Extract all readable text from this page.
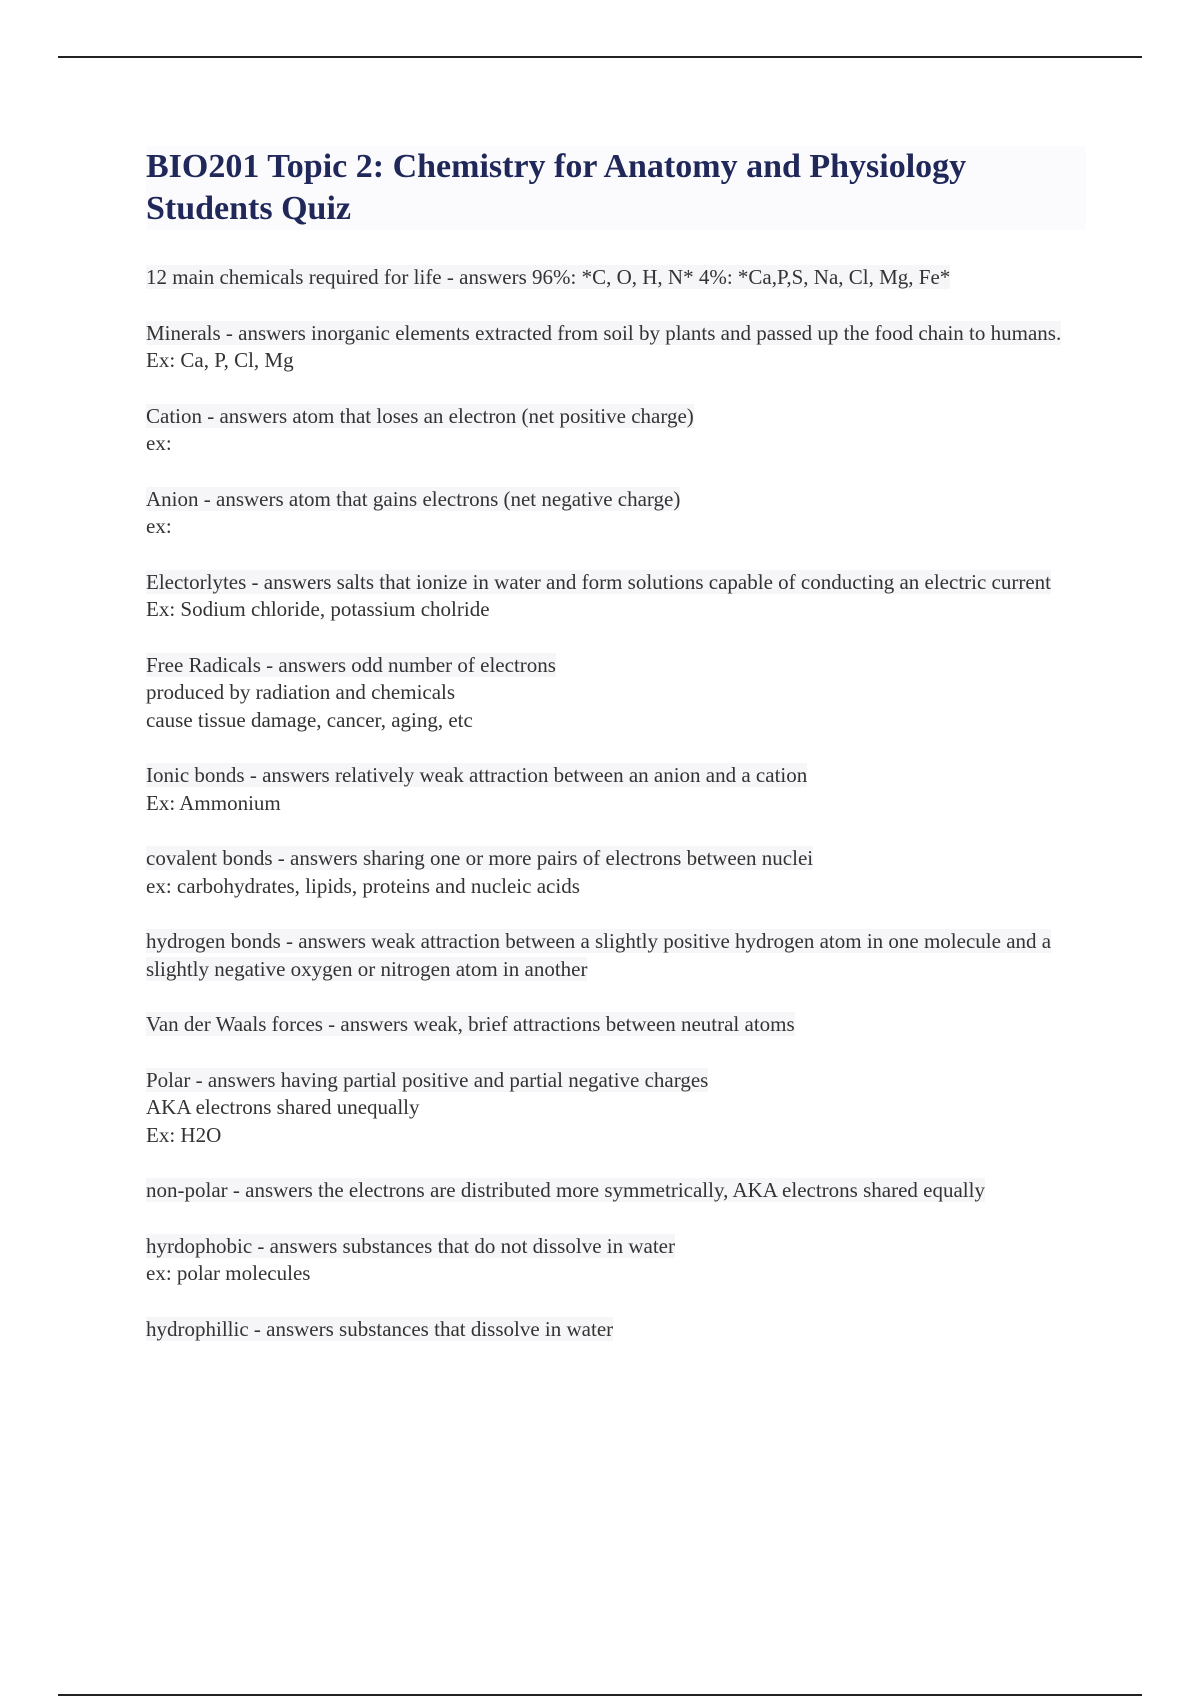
BIO201 Topic 2: Chemistry for Anatomy and Physiology Students Quiz
12 main chemicals required for life - answers 96%: *C, O, H, N* 4%: *Ca,P,S, Na, Cl, Mg, Fe*
Minerals - answers inorganic elements extracted from soil by plants and passed up the food chain to humans.
Ex: Ca, P, Cl, Mg
Cation - answers atom that loses an electron (net positive charge)
ex:
Anion - answers atom that gains electrons (net negative charge)
ex:
Electorlytes - answers salts that ionize in water and form solutions capable of conducting an electric current
Ex: Sodium chloride, potassium cholride
Free Radicals - answers odd number of electrons
produced by radiation and chemicals
cause tissue damage, cancer, aging, etc
Ionic bonds - answers relatively weak attraction between an anion and a cation
Ex: Ammonium
covalent bonds - answers sharing one or more pairs of electrons between nuclei
ex: carbohydrates, lipids, proteins and nucleic acids
hydrogen bonds - answers weak attraction between a slightly positive hydrogen atom in one molecule and a slightly negative oxygen or nitrogen atom in another
Van der Waals forces - answers weak, brief attractions between neutral atoms
Polar - answers having partial positive and partial negative charges
AKA electrons shared unequally
Ex: H2O
non-polar - answers the electrons are distributed more symmetrically, AKA electrons shared equally
hyrdophobic - answers substances that do not dissolve in water
ex: polar molecules
hydrophillic - answers substances that dissolve in water
